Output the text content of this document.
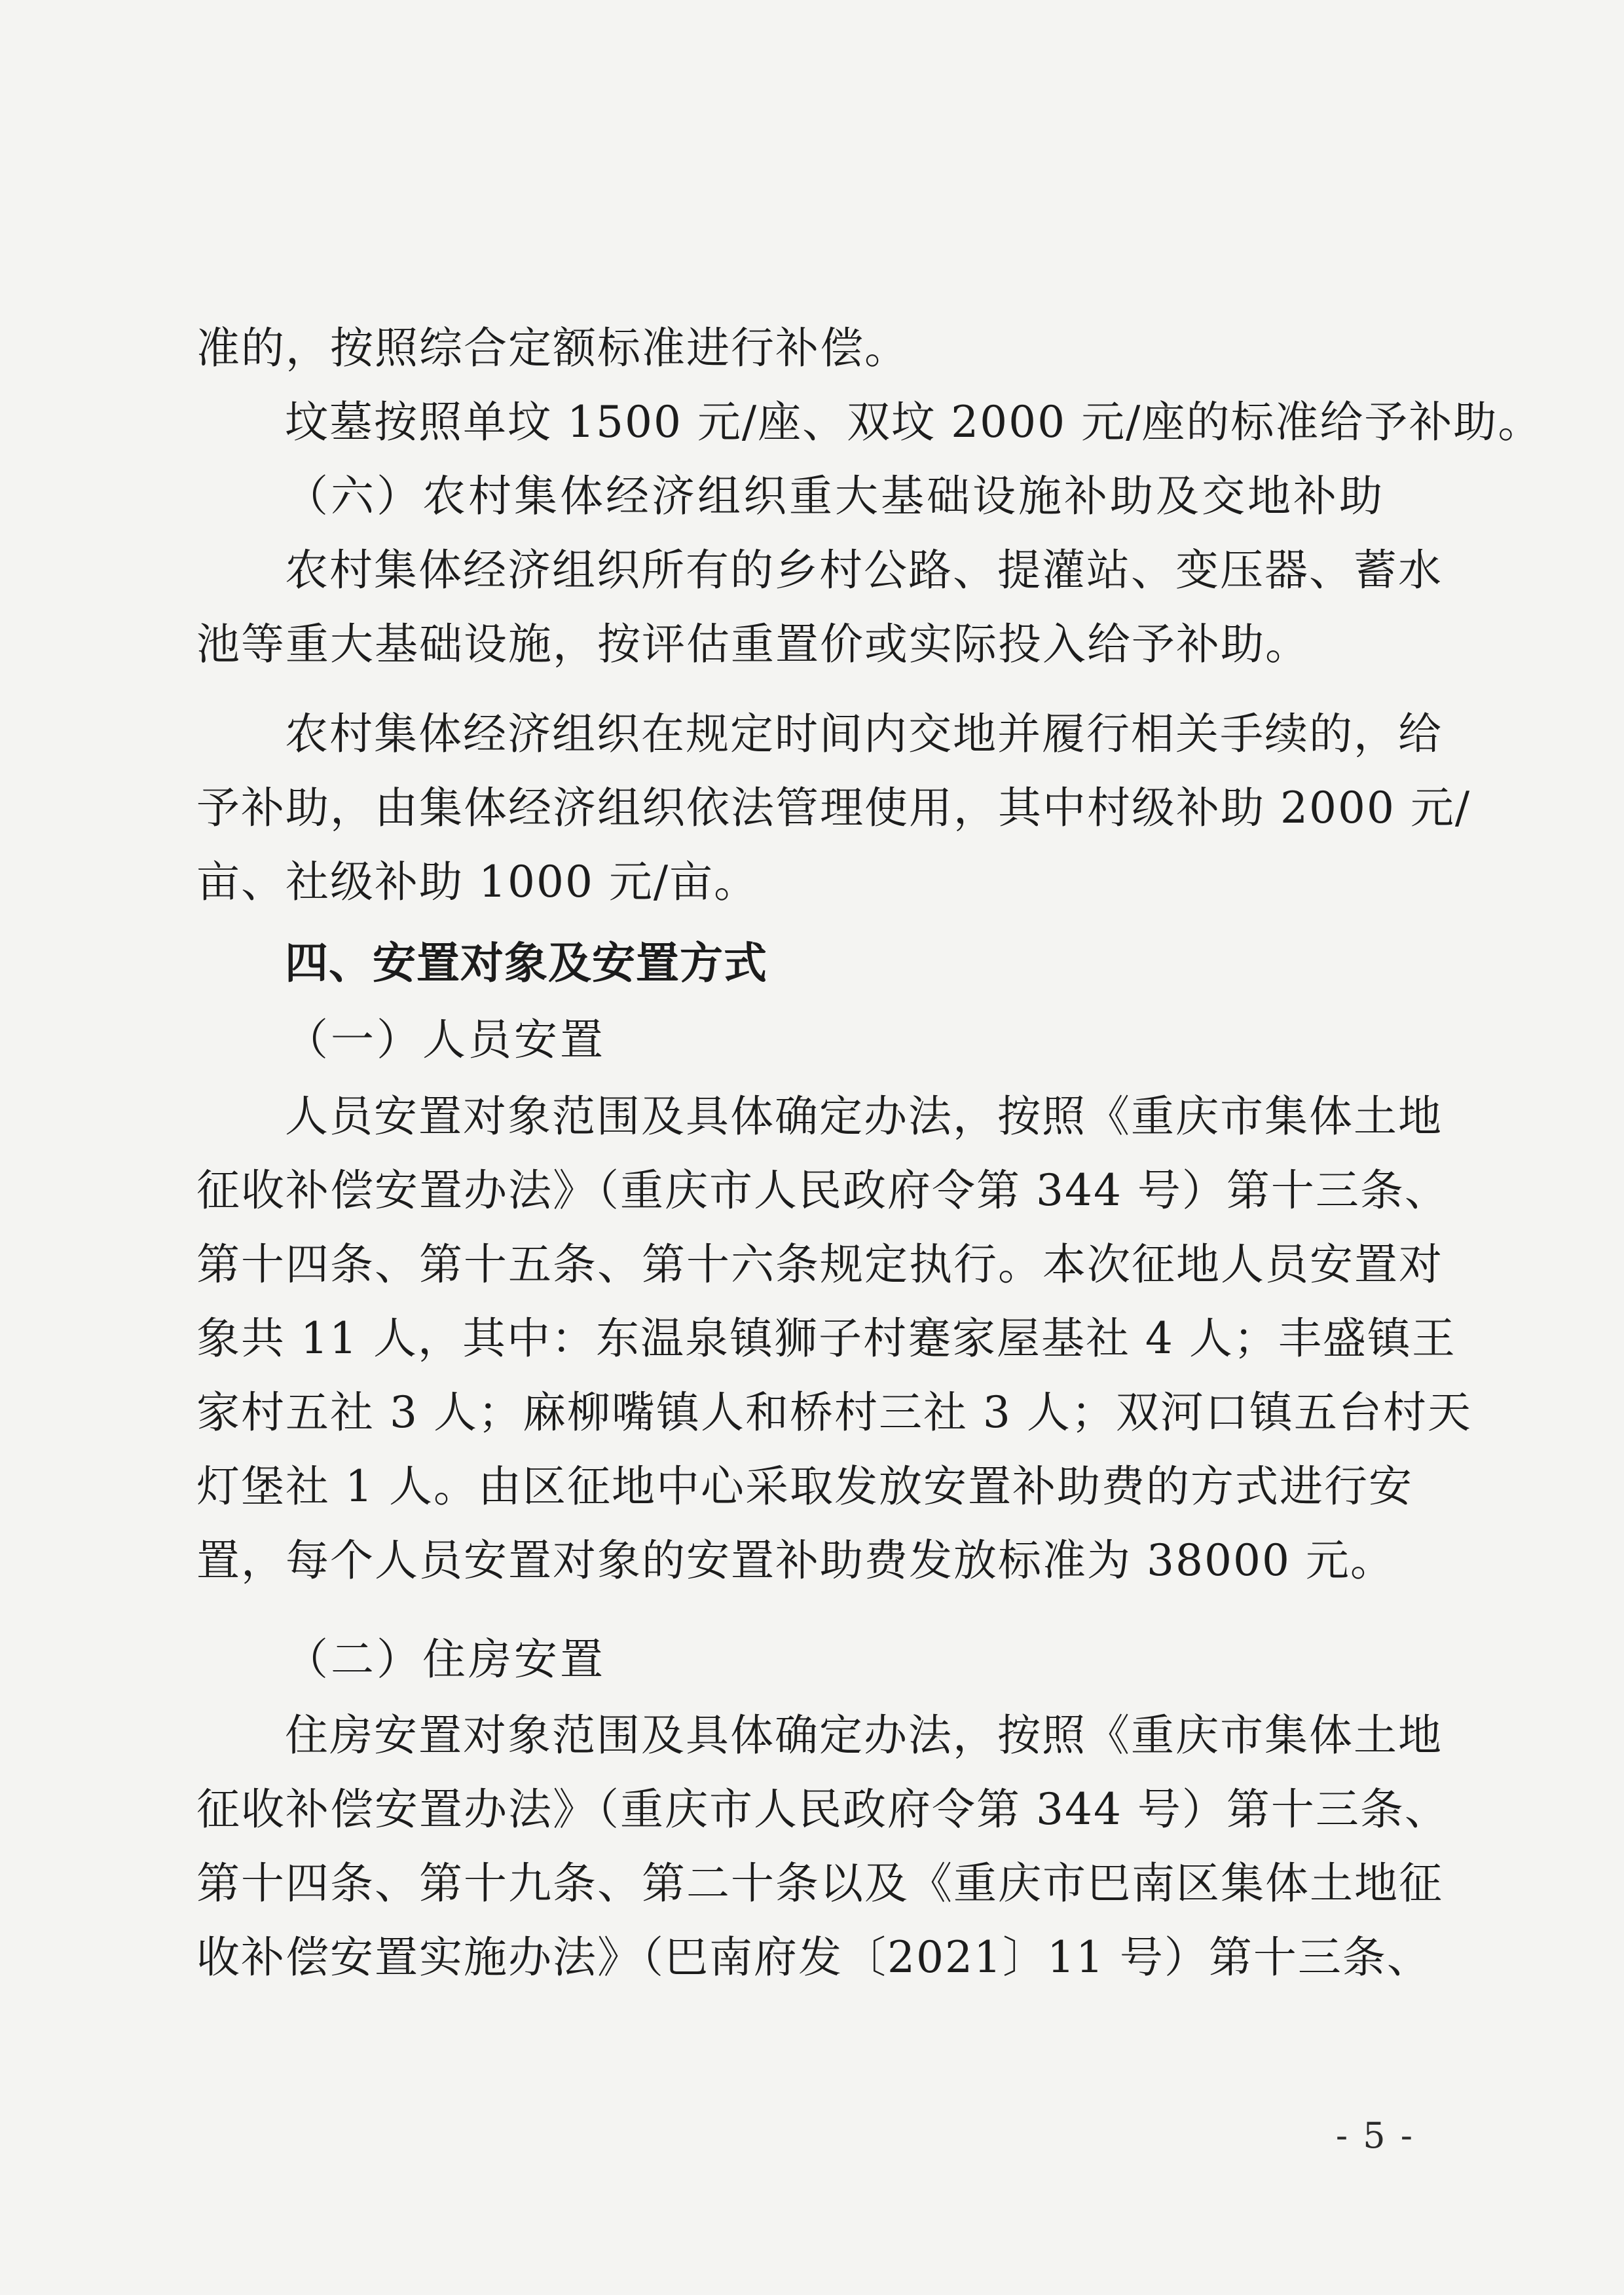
准的，按照综合定额标准进行补偿。
坟墓按照单坟 1500 元/座、双坟 2000 元/座的标准给予补助。
（六）农村集体经济组织重大基础设施补助及交地补助
农村集体经济组织所有的乡村公路、提灌站、变压器、蓄水
池等重大基础设施，按评估重置价或实际投入给予补助。
农村集体经济组织在规定时间内交地并履行相关手续的，给
予补助，由集体经济组织依法管理使用，其中村级补助 2000 元/
亩、社级补助 1000 元/亩。
四、安置对象及安置方式
（一）人员安置
人员安置对象范围及具体确定办法，按照《重庆市集体土地
征收补偿安置办法》（重庆市人民政府令第 344 号）第十三条、
第十四条、第十五条、第十六条规定执行。本次征地人员安置对
象共 11 人，其中：东温泉镇狮子村蹇家屋基社 4 人；丰盛镇王
家村五社 3 人；麻柳嘴镇人和桥村三社 3 人；双河口镇五台村天
灯堡社 1 人。由区征地中心采取发放安置补助费的方式进行安
置，每个人员安置对象的安置补助费发放标准为 38000 元。
（二）住房安置
住房安置对象范围及具体确定办法，按照《重庆市集体土地
征收补偿安置办法》（重庆市人民政府令第 344 号）第十三条、
第十四条、第十九条、第二十条以及《重庆市巴南区集体土地征
收补偿安置实施办法》（巴南府发〔2021〕11 号）第十三条、
- 5 -
